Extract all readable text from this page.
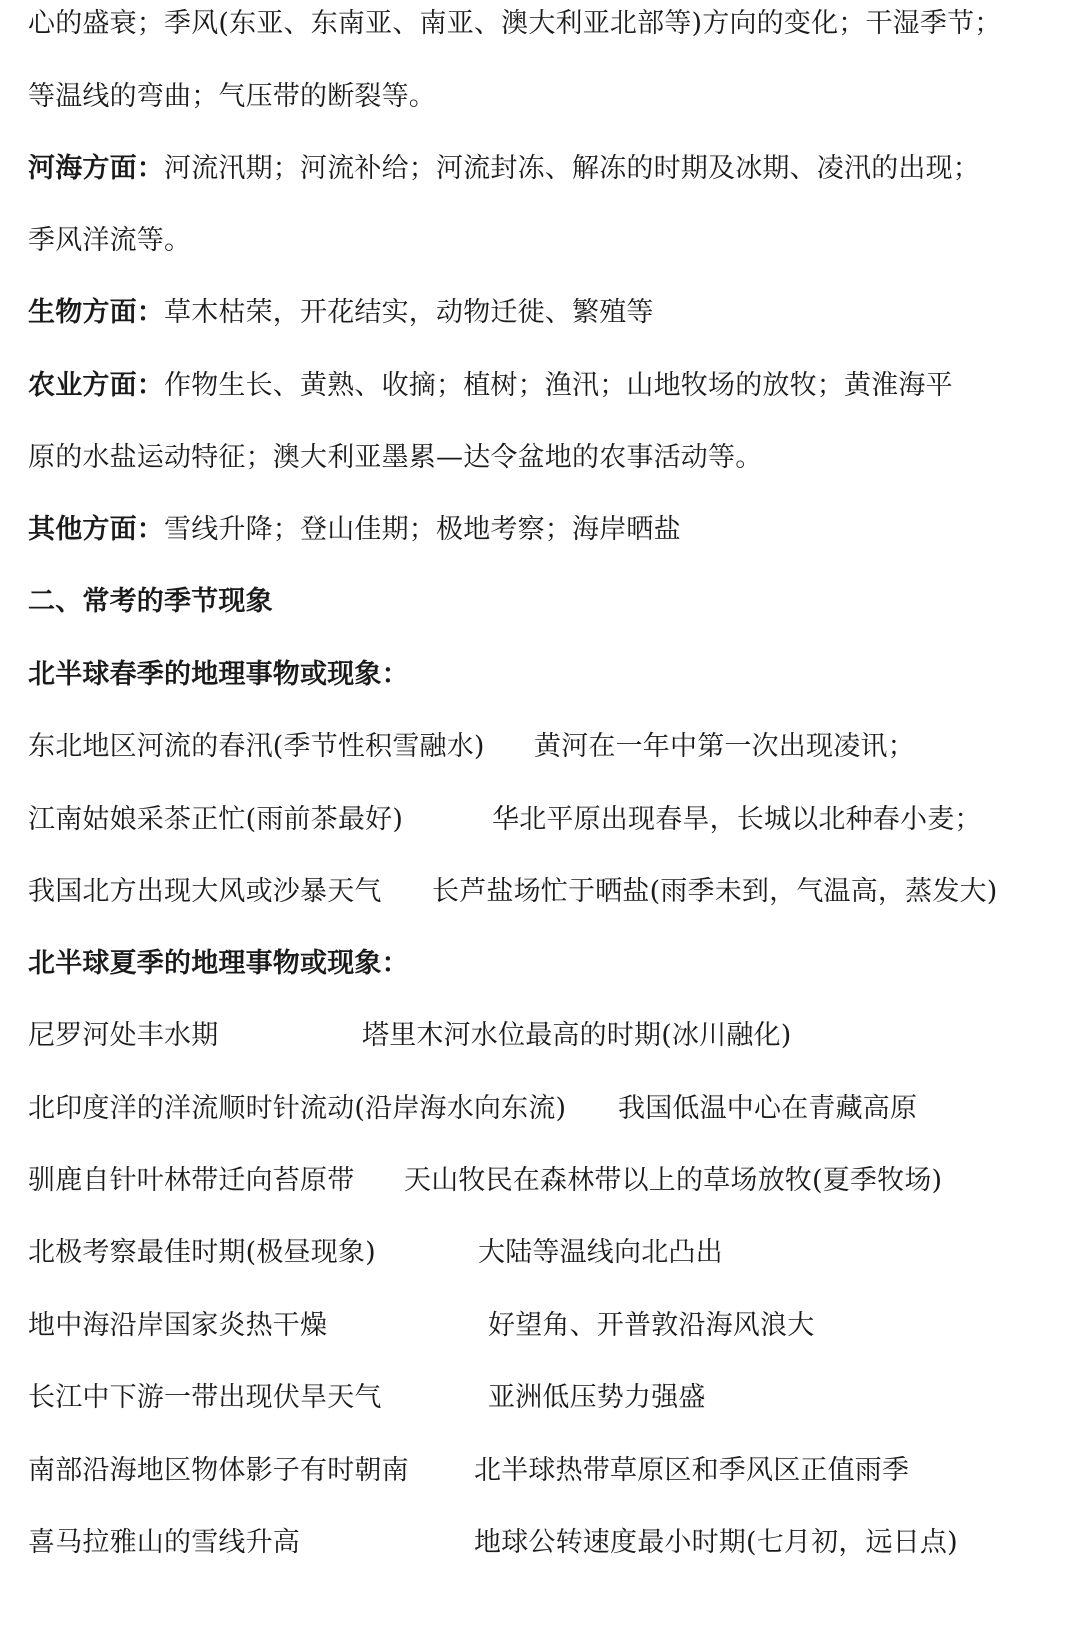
心的盛衰；季风(东亚、东南亚、南亚、澳大利亚北部等)方向的变化；干湿季节；
等温线的弯曲；气压带的断裂等。
河海方面：河流汛期；河流补给；河流封冻、解冻的时期及冰期、凌汛的出现；
季风洋流等。
生物方面：草木枯荣，开花结实，动物迁徙、繁殖等
农业方面：作物生长、黄熟、收摘；植树；渔汛；山地牧场的放牧；黄淮海平
原的水盐运动特征；澳大利亚墨累—达令盆地的农事活动等。
其他方面：雪线升降；登山佳期；极地考察；海岸晒盐
二、常考的季节现象
北半球春季的地理事物或现象：
东北地区河流的春汛(季节性积雪融水) 黄河在一年中第一次出现凌讯；
江南姑娘采茶正忙(雨前茶最好)	华北平原出现春旱，长城以北种春小麦；
我国北方出现大风或沙暴天气 长芦盐场忙于晒盐(雨季未到，气温高，蒸发大)
北半球夏季的地理事物或现象：
尼罗河处丰水期	塔里木河水位最高的时期(冰川融化)
北印度洋的洋流顺时针流动(沿岸海水向东流) 我国低温中心在青藏高原
驯鹿自针叶林带迁向苔原带 天山牧民在森林带以上的草场放牧(夏季牧场)
北极考察最佳时期(极昼现象)	大陆等温线向北凸出
地中海沿岸国家炎热干燥	好望角、开普敦沿海风浪大
长江中下游一带出现伏旱天气	亚洲低压势力强盛
南部沿海地区物体影子有时朝南 北半球热带草原区和季风区正值雨季
喜马拉雅山的雪线升高	地球公转速度最小时期(七月初，远日点)
